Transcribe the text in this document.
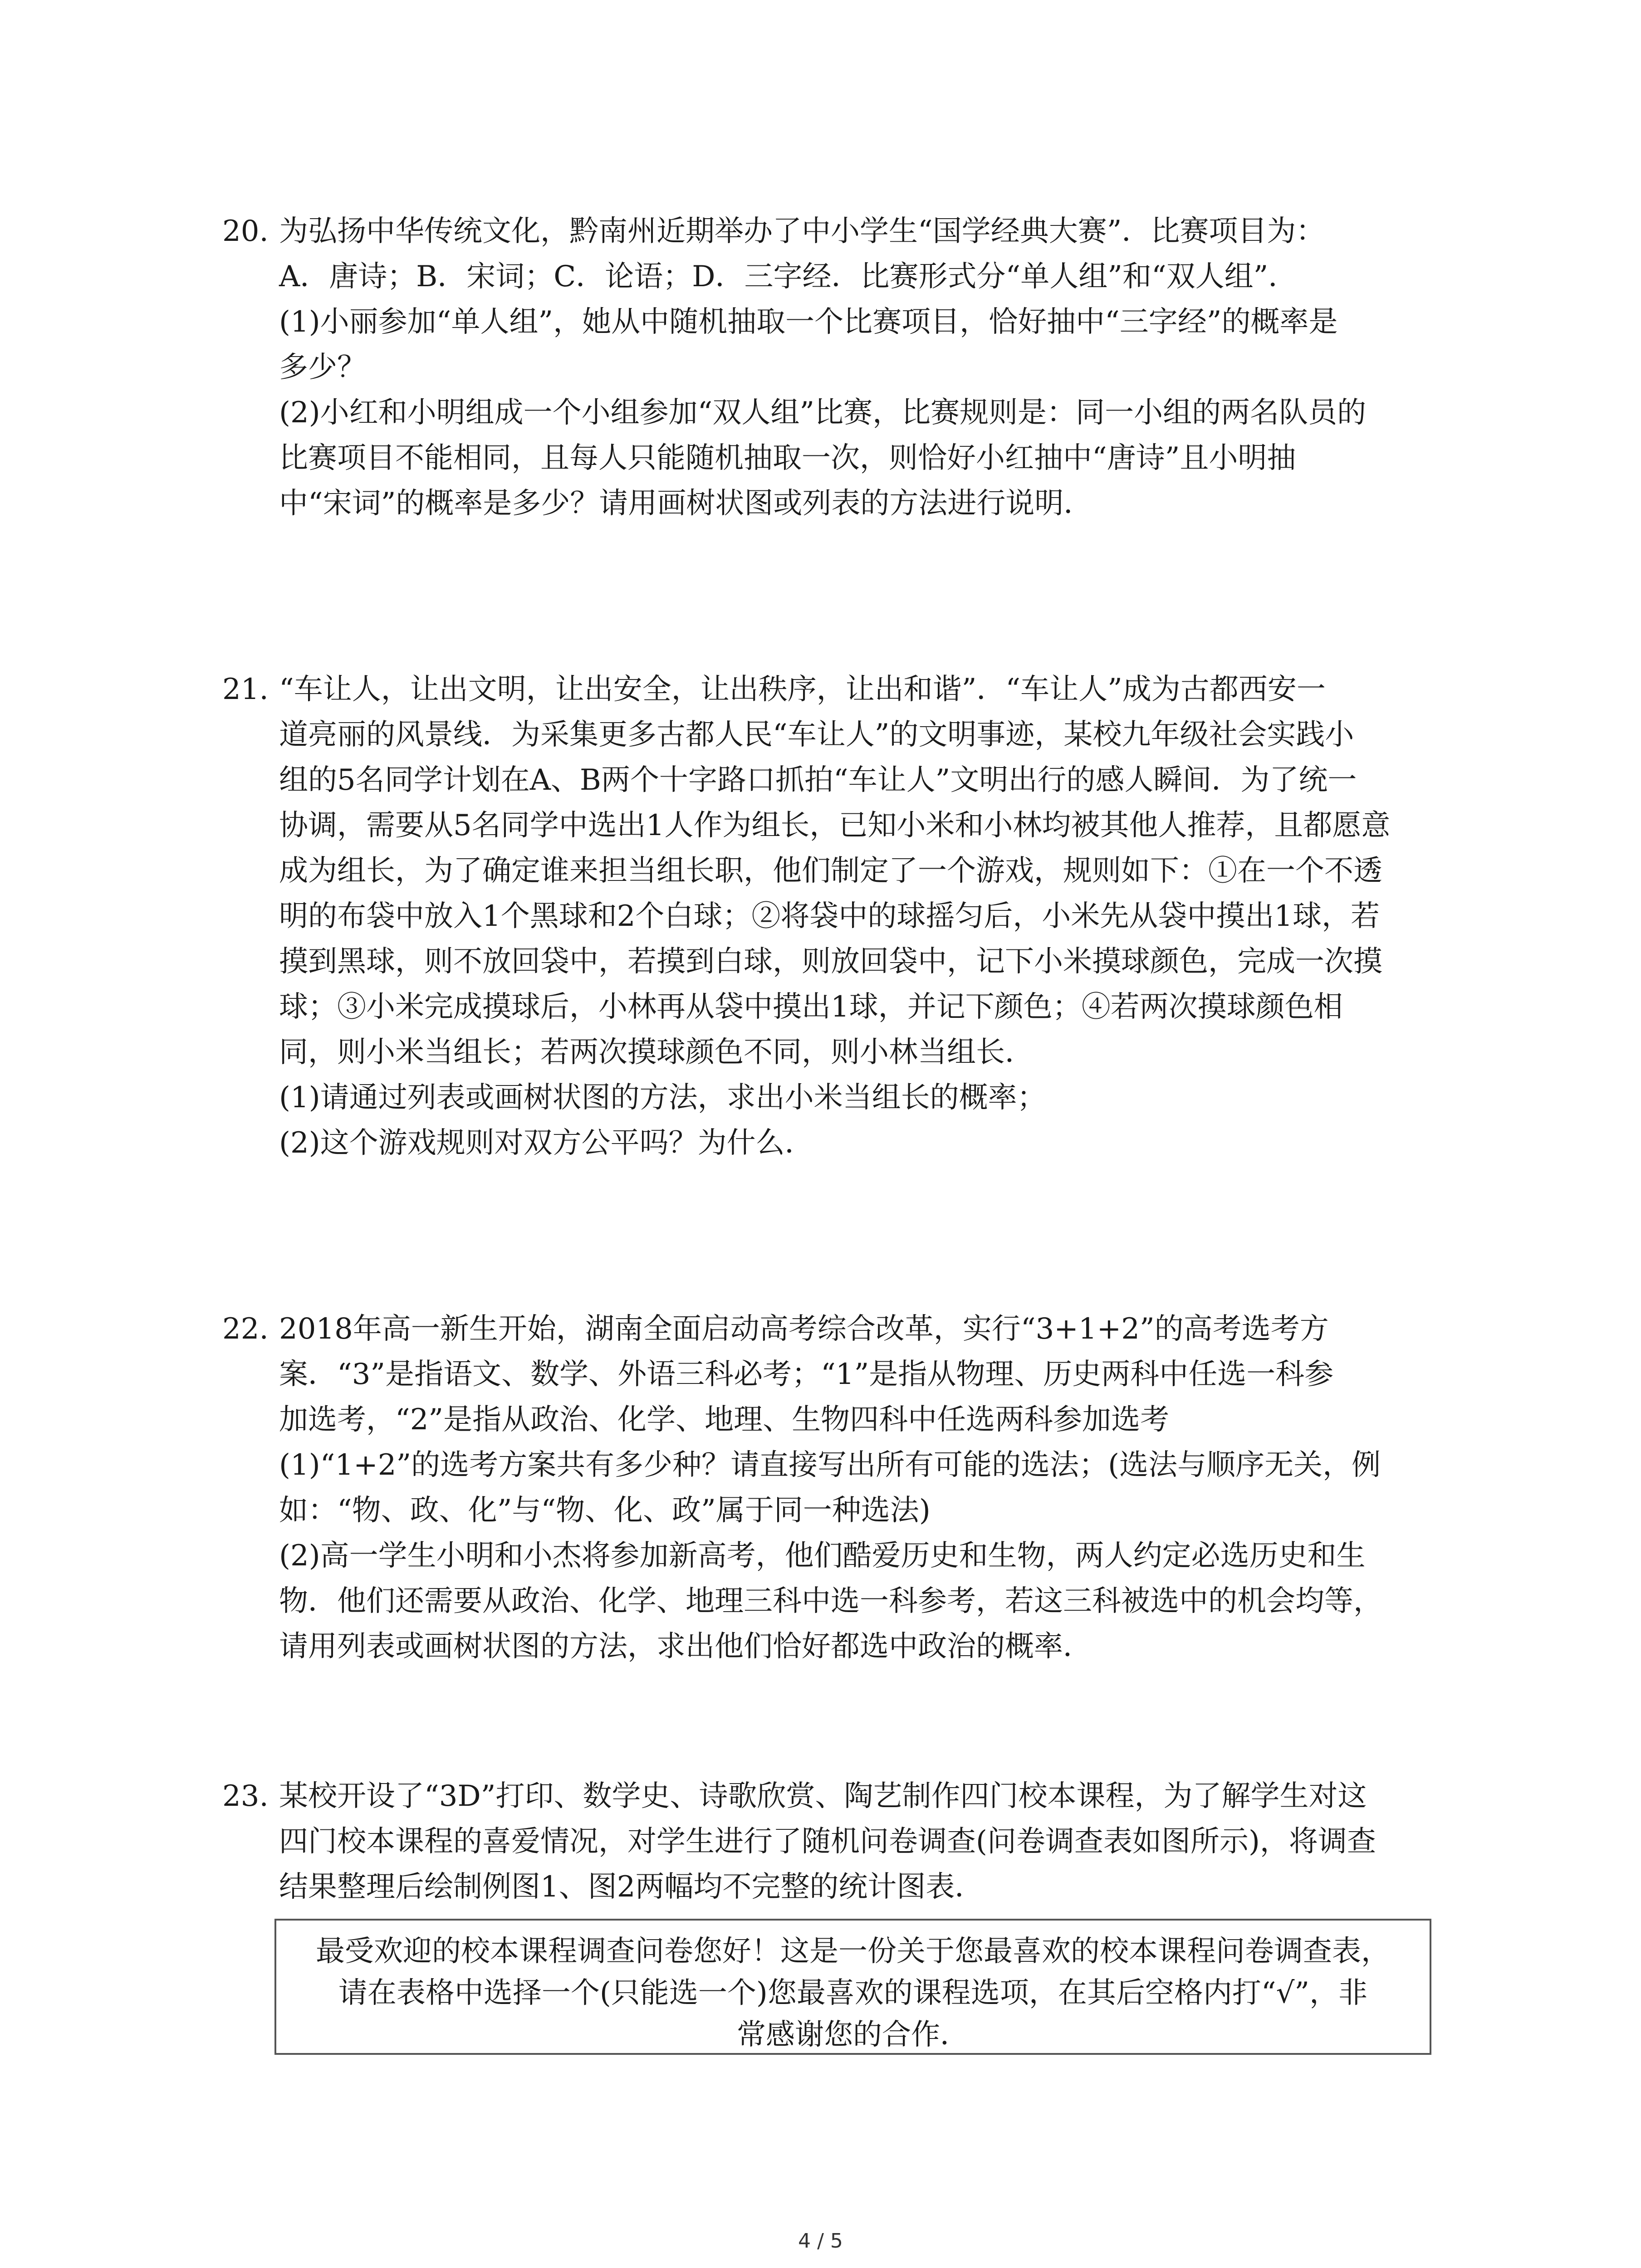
20. 为弘扬中华传统文化，黔南州近期举办了中小学生“国学经典大赛”．比赛项目为：
A．唐诗；B．宋词；C．论语；D．三字经．比赛形式分“单人组”和“双人组”．
(1)小丽参加“单人组”，她从中随机抽取一个比赛项目，恰好抽中“三字经”的概率是
多少？
(2)小红和小明组成一个小组参加“双人组”比赛，比赛规则是：同一小组的两名队员的
比赛项目不能相同，且每人只能随机抽取一次，则恰好小红抽中“唐诗”且小明抽
中“宋词”的概率是多少？请用画树状图或列表的方法进行说明．
21. “车让人，让出文明，让出安全，让出秩序，让出和谐”．“车让人”成为古都西安一
道亮丽的风景线．为采集更多古都人民“车让人”的文明事迹，某校九年级社会实践小
组的5名同学计划在A、B两个十字路口抓拍“车让人”文明出行的感人瞬间．为了统一
协调，需要从5名同学中选出1人作为组长，已知小米和小林均被其他人推荐，且都愿意
成为组长，为了确定谁来担当组长职，他们制定了一个游戏，规则如下：①在一个不透
明的布袋中放入1个黑球和2个白球；②将袋中的球摇匀后，小米先从袋中摸出1球，若
摸到黑球，则不放回袋中，若摸到白球，则放回袋中，记下小米摸球颜色，完成一次摸
球；③小米完成摸球后，小林再从袋中摸出1球，并记下颜色；④若两次摸球颜色相
同，则小米当组长；若两次摸球颜色不同，则小林当组长．
(1)请通过列表或画树状图的方法，求出小米当组长的概率；
(2)这个游戏规则对双方公平吗？为什么．
22. 2018年高一新生开始，湖南全面启动高考综合改革，实行“3+1+2”的高考选考方
案．“3”是指语文、数学、外语三科必考；“1”是指从物理、历史两科中任选一科参
加选考，“2”是指从政治、化学、地理、生物四科中任选两科参加选考
(1)“1+2”的选考方案共有多少种？请直接写出所有可能的选法；(选法与顺序无关，例
如：“物、政、化”与“物、化、政”属于同一种选法)
(2)高一学生小明和小杰将参加新高考，他们酷爱历史和生物，两人约定必选历史和生
物．他们还需要从政治、化学、地理三科中选一科参考，若这三科被选中的机会均等，
请用列表或画树状图的方法，求出他们恰好都选中政治的概率．
23. 某校开设了“3D”打印、数学史、诗歌欣赏、陶艺制作四门校本课程，为了解学生对这
四门校本课程的喜爱情况，对学生进行了随机问卷调查(问卷调查表如图所示)，将调查
结果整理后绘制例图1、图2两幅均不完整的统计图表．
最受欢迎的校本课程调查问卷您好！这是一份关于您最喜欢的校本课程问卷调查表，
请在表格中选择一个(只能选一个)您最喜欢的课程选项，在其后空格内打“√”，非
常感谢您的合作．
4 / 5
